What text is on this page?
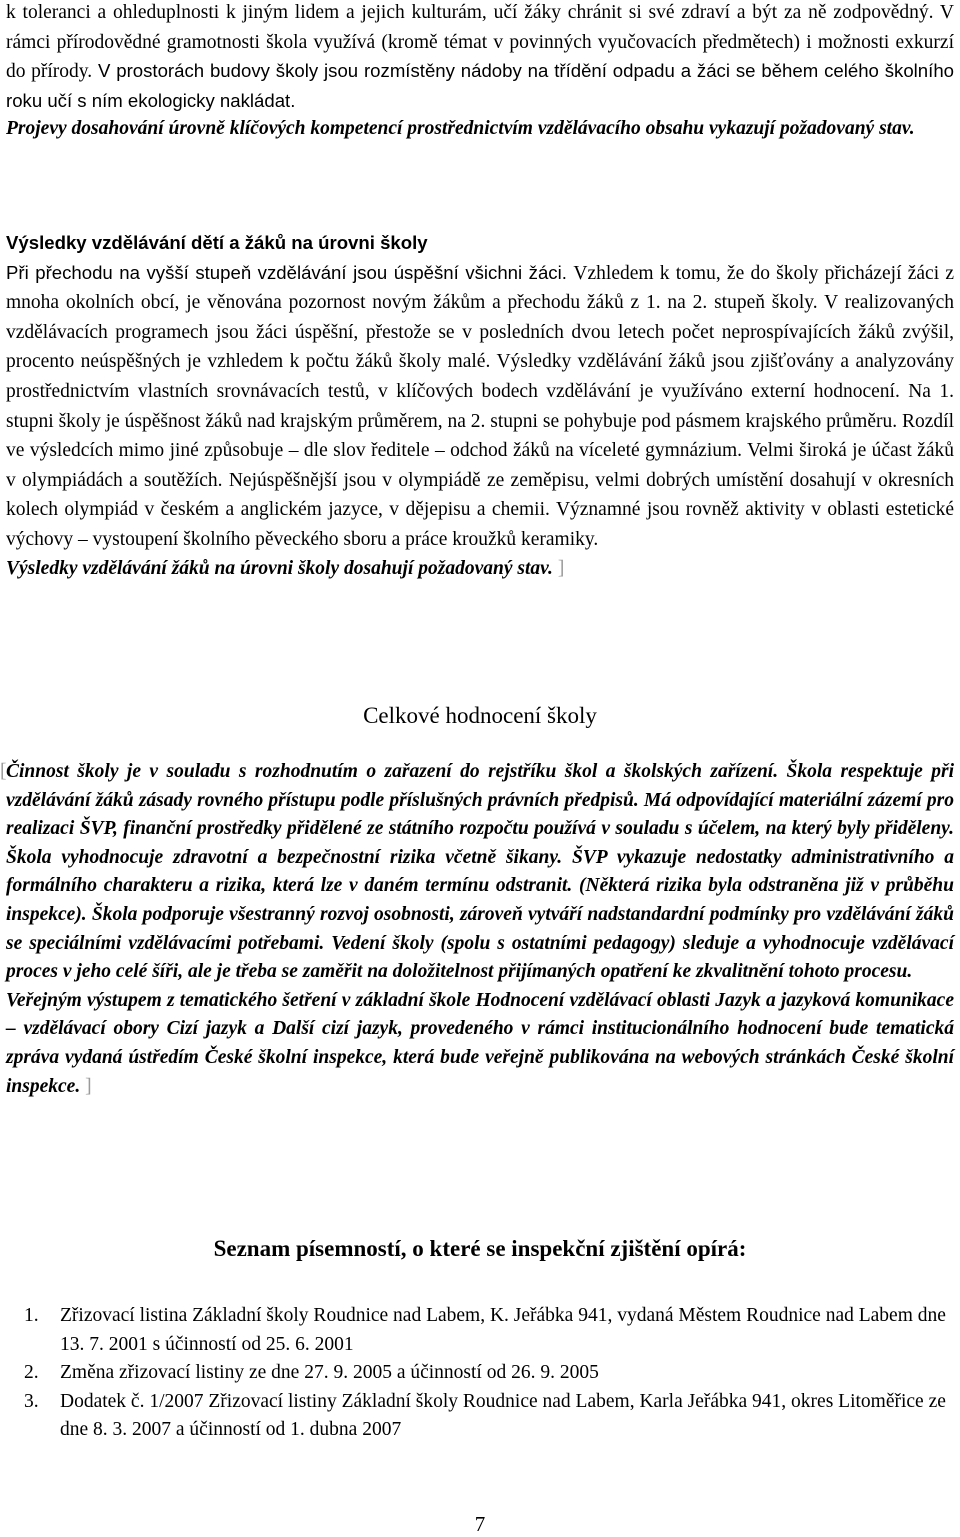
k toleranci a ohleduplnosti k jiným lidem a jejich kulturám, učí žáky chránit si své zdraví a být za ně zodpovědný. V rámci přírodovědné gramotnosti škola využívá (kromě témat v povinných vyučovacích předmětech) i možnosti exkurzí do přírody. V prostorách budovy školy jsou rozmístěny nádoby na třídění odpadu a žáci se během celého školního roku učí s ním ekologicky nakládat.

Projevy dosahování úrovně klíčových kompetencí prostřednictvím vzdělávacího obsahu vykazují požadovaný stav.

Výsledky vzdělávání dětí a žáků na úrovni školy

Při přechodu na vyšší stupeň vzdělávání jsou úspěšní všichni žáci. Vzhledem k tomu, že do školy přicházejí žáci z mnoha okolních obcí, je věnována pozornost novým žákům a přechodu žáků z 1. na 2. stupeň školy. V realizovaných vzdělávacích programech jsou žáci úspěšní, přestože se v posledních dvou letech počet neprospívajících žáků zvýšil, procento neúspěšných je vzhledem k počtu žáků školy malé. Výsledky vzdělávání žáků jsou zjišťovány a analyzovány prostřednictvím vlastních srovnávacích testů, v klíčových bodech vzdělávání je využíváno externí hodnocení. Na 1. stupni školy je úspěšnost žáků nad krajským průměrem, na 2. stupni se pohybuje pod pásmem krajského průměru. Rozdíl ve výsledcích mimo jiné způsobuje – dle slov ředitele – odchod žáků na víceleté gymnázium. Velmi široká je účast žáků v olympiádách a soutěžích. Nejúspěšnější jsou v olympiádě ze zeměpisu, velmi dobrých umístění dosahují v okresních kolech olympiád v českém a anglickém jazyce, v dějepisu a chemii. Významné jsou rovněž aktivity v oblasti estetické výchovy – vystoupení školního pěveckého sboru a práce kroužků keramiky.

Výsledky vzdělávání žáků na úrovni školy dosahují požadovaný stav. ]

Celkové hodnocení školy

[ Činnost školy je v souladu s rozhodnutím o zařazení do rejstříku škol a školských zařízení. Škola respektuje při vzdělávání žáků zásady rovného přístupu podle příslušných právních předpisů. Má odpovídající materiální zázemí pro realizaci ŠVP, finanční prostředky přidělené ze státního rozpočtu používá v souladu s účelem, na který byly přiděleny. Škola vyhodnocuje zdravotní a bezpečnostní rizika včetně šikany. ŠVP vykazuje nedostatky administrativního a formálního charakteru a rizika, která lze v daném termínu odstranit. (Některá rizika byla odstraněna již v průběhu inspekce). Škola podporuje všestranný rozvoj osobnosti, zároveň vytváří nadstandardní podmínky pro vzdělávání žáků se speciálními vzdělávacími potřebami. Vedení školy (spolu s ostatními pedagogy) sleduje a vyhodnocuje vzdělávací proces v jeho celé šíři, ale je třeba se zaměřit na doložitelnost přijímaných opatření ke zkvalitnění tohoto procesu.

Veřejným výstupem z tematického šetření v základní škole Hodnocení vzdělávací oblasti Jazyk a jazyková komunikace – vzdělávací obory Cizí jazyk a Další cizí jazyk, provedeného v rámci institucionálního hodnocení bude tematická zpráva vydaná ústředím České školní inspekce, která bude veřejně publikována na webových stránkách České školní inspekce. ]

Seznam písemností, o které se inspekční zjištění opírá:

1. Zřizovací listina Základní školy Roudnice nad Labem, K. Jeřábka 941, vydaná Městem Roudnice nad Labem dne 13. 7. 2001 s účinností od 25. 6. 2001
2. Změna zřizovací listiny ze dne 27. 9. 2005 a účinností od 26. 9. 2005
3. Dodatek č. 1/2007 Zřizovací listiny Základní školy Roudnice nad Labem, Karla Jeřábka 941, okres Litoměřice ze dne 8. 3. 2007 a účinností od 1. dubna 2007
7
